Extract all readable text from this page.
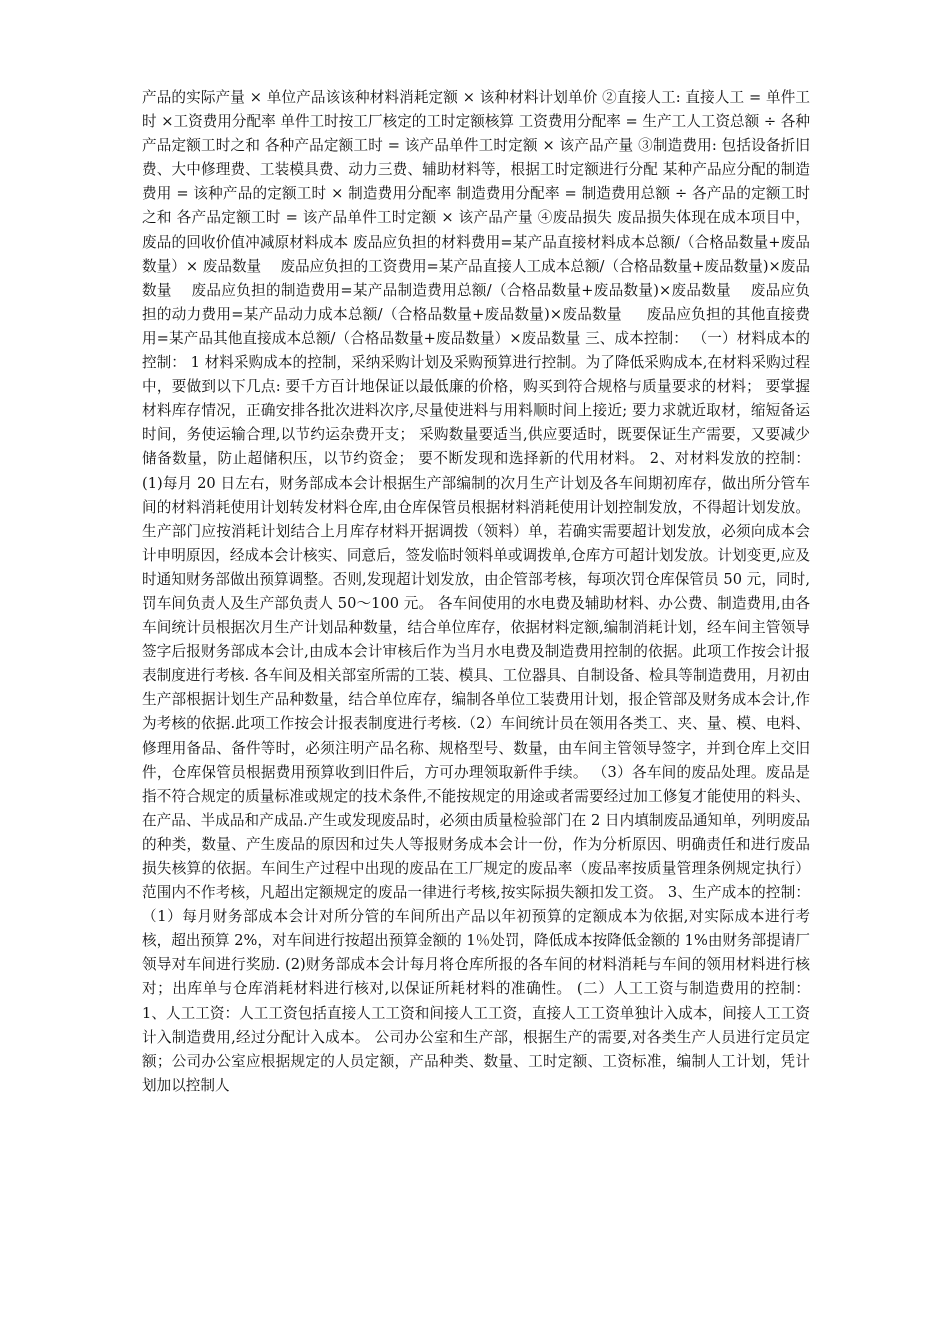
产品的实际产量 × 单位产品该该种材料消耗定额 × 该种材料计划单价 ②直接人工: 直接人工 = 单件工时 ×工资费用分配率 单件工时按工厂核定的工时定额核算 工资费用分配率 = 生产工人工资总额 ÷ 各种产品定额工时之和 各种产品定额工时 = 该产品单件工时定额 × 该产品产量 ③制造费用: 包括设备折旧费、大中修理费、工装模具费、动力三费、辅助材料等，根据工时定额进行分配 某种产品应分配的制造费用 = 该种产品的定额工时 × 制造费用分配率 制造费用分配率 = 制造费用总额 ÷ 各产品的定额工时之和 各产品定额工时 = 该产品单件工时定额 × 该产品产量 ④废品损失 废品损失体现在成本项目中，废品的回收价值冲减原材料成本 废品应负担的材料费用=某产品直接材料成本总额/（合格品数量+废品数量）× 废品数量 　废品应负担的工资费用=某产品直接人工成本总额/（合格品数量+废品数量)×废品数量 　废品应负担的制造费用=某产品制造费用总额/（合格品数量+废品数量)×废品数量 　废品应负担的动力费用=某产品动力成本总额/（合格品数量+废品数量)×废品数量 　 废品应负担的其他直接费用=某产品其他直接成本总额/（合格品数量+废品数量）×废品数量 三、成本控制： （一）材料成本的控制： 1 材料采购成本的控制，采纳采购计划及采购预算进行控制。为了降低采购成本,在材料采购过程中，要做到以下几点: 要千方百计地保证以最低廉的价格，购买到符合规格与质量要求的材料； 要掌握材料库存情况，正确安排各批次进料次序,尽量使进料与用料顺时间上接近; 要力求就近取材，缩短备运时间，务使运输合理,以节约运杂费开支； 采购数量要适当,供应要适时，既要保证生产需要，又要减少储备数量，防止超储积压，以节约资金； 要不断发现和选择新的代用材料。 2、对材料发放的控制： (1)每月 20 日左右，财务部成本会计根据生产部编制的次月生产计划及各车间期初库存，做出所分管车间的材料消耗使用计划转发材料仓库,由仓库保管员根据材料消耗使用计划控制发放，不得超计划发放。生产部门应按消耗计划结合上月库存材料开据调拨（领料）单，若确实需要超计划发放，必须向成本会计申明原因，经成本会计核实、同意后，签发临时领料单或调拨单,仓库方可超计划发放。计划变更,应及时通知财务部做出预算调整。否则,发现超计划发放，由企管部考核，每项次罚仓库保管员 50 元，同时,罚车间负责人及生产部负责人 50～100 元。 各车间使用的水电费及辅助材料、办公费、制造费用,由各车间统计员根据次月生产计划品种数量，结合单位库存，依据材料定额,编制消耗计划，经车间主管领导签字后报财务部成本会计,由成本会计审核后作为当月水电费及制造费用控制的依据。此项工作按会计报表制度进行考核. 各车间及相关部室所需的工装、模具、工位器具、自制设备、检具等制造费用，月初由生产部根据计划生产品种数量，结合单位库存，编制各单位工装费用计划，报企管部及财务成本会计,作为考核的依据.此项工作按会计报表制度进行考核.（2）车间统计员在领用各类工、夹、量、模、电料、修理用备品、备件等时，必须注明产品名称、规格型号、数量，由车间主管领导签字，并到仓库上交旧件，仓库保管员根据费用预算收到旧件后，方可办理领取新件手续。 （3）各车间的废品处理。废品是指不符合规定的质量标准或规定的技术条件,不能按规定的用途或者需要经过加工修复才能使用的料头、在产品、半成品和产成品.产生或发现废品时，必须由质量检验部门在 2 日内填制废品通知单，列明废品的种类，数量、产生废品的原因和过失人等报财务成本会计一份，作为分析原因、明确责任和进行废品损失核算的依据。车间生产过程中出现的废品在工厂规定的废品率（废品率按质量管理条例规定执行）范围内不作考核，凡超出定额规定的废品一律进行考核,按实际损失额扣发工资。 3、生产成本的控制： （1）每月财务部成本会计对所分管的车间所出产品以年初预算的定额成本为依据,对实际成本进行考核，超出预算 2%，对车间进行按超出预算金额的 1％处罚，降低成本按降低金额的 1%由财务部提请厂领导对车间进行奖励. (2)财务部成本会计每月将仓库所报的各车间的材料消耗与车间的领用材料进行核对；出库单与仓库消耗材料进行核对,以保证所耗材料的准确性。 (二）人工工资与制造费用的控制： 1、人工工资：人工工资包括直接人工工资和间接人工工资，直接人工工资单独计入成本，间接人工工资计入制造费用,经过分配计入成本。 公司办公室和生产部，根据生产的需要,对各类生产人员进行定员定额；公司办公室应根据规定的人员定额，产品种类、数量、工时定额、工资标准，编制人工计划，凭计划加以控制人
